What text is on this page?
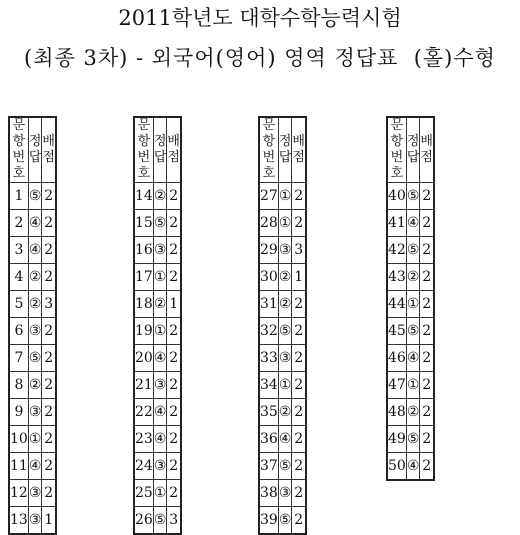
2011학년도 대학수학능력시험
(최종 3차) - 외국어(영어) 영역 정답표  (홀)수형
문항
번호	정 답	배 점
1	⑤	2
2	④	2
3	④	2
4	②	2
5	②	3
6	③	2
7	⑤	2
8	②	2
9	③	2
10	①	2
11	④	2
12	③	2
13	③	1
문항
번호	정 답	배 점
14	②	2
15	⑤	2
16	③	2
17	①	2
18	②	1
19	①	2
20	④	2
21	③	2
22	④	2
23	④	2
24	③	2
25	①	2
26	⑤	3
문항
번호	정 답	배 점
27	①	2
28	①	2
29	③	3
30	②	1
31	②	2
32	⑤	2
33	③	2
34	①	2
35	②	2
36	④	2
37	⑤	2
38	③	2
39	⑤	2
문항
번호	정 답	배 점
40	⑤	2
41	④	2
42	⑤	2
43	②	2
44	①	2
45	⑤	2
46	④	2
47	①	2
48	②	2
49	⑤	2
50	④	2
